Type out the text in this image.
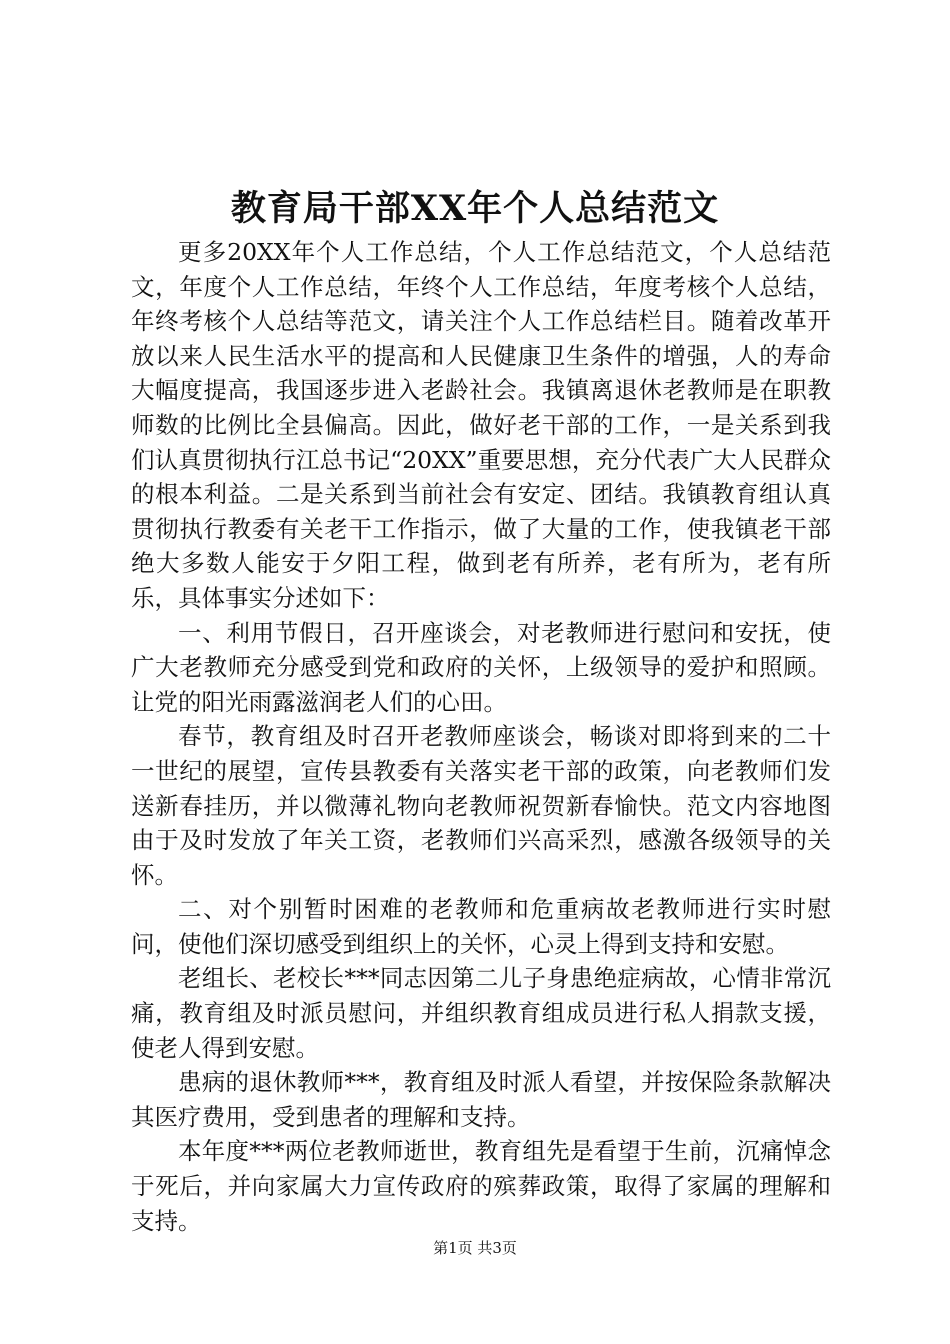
教育局干部XX年个人总结范文

更多20XX年个人工作总结，个人工作总结范文，个人总结范文，年度个人工作总结，年终个人工作总结，年度考核个人总结，年终考核个人总结等范文，请关注个人工作总结栏目。随着改革开放以来人民生活水平的提高和人民健康卫生条件的增强，人的寿命大幅度提高，我国逐步进入老龄社会。我镇离退休老教师是在职教师数的比例比全县偏高。因此，做好老干部的工作，一是关系到我们认真贯彻执行江总书记“20XX”重要思想，充分代表广大人民群众的根本利益。二是关系到当前社会有安定、团结。我镇教育组认真贯彻执行教委有关老干工作指示，做了大量的工作，使我镇老干部绝大多数人能安于夕阳工程，做到老有所养，老有所为，老有所乐，具体事实分述如下：

一、利用节假日，召开座谈会，对老教师进行慰问和安抚，使广大老教师充分感受到党和政府的关怀，上级领导的爱护和照顾。让党的阳光雨露滋润老人们的心田。

春节，教育组及时召开老教师座谈会，畅谈对即将到来的二十一世纪的展望，宣传县教委有关落实老干部的政策，向老教师们发送新春挂历，并以微薄礼物向老教师祝贺新春愉快。范文内容地图由于及时发放了年关工资，老教师们兴高采烈，感激各级领导的关怀。

二、对个别暂时困难的老教师和危重病故老教师进行实时慰问，使他们深切感受到组织上的关怀，心灵上得到支持和安慰。

老组长、老校长***同志因第二儿子身患绝症病故，心情非常沉痛，教育组及时派员慰问，并组织教育组成员进行私人捐款支援，使老人得到安慰。

患病的退休教师***，教育组及时派人看望，并按保险条款解决其医疗费用，受到患者的理解和支持。

本年度***两位老教师逝世，教育组先是看望于生前，沉痛悼念于死后，并向家属大力宣传政府的殡葬政策，取得了家属的理解和支持。

第1页 共3页
